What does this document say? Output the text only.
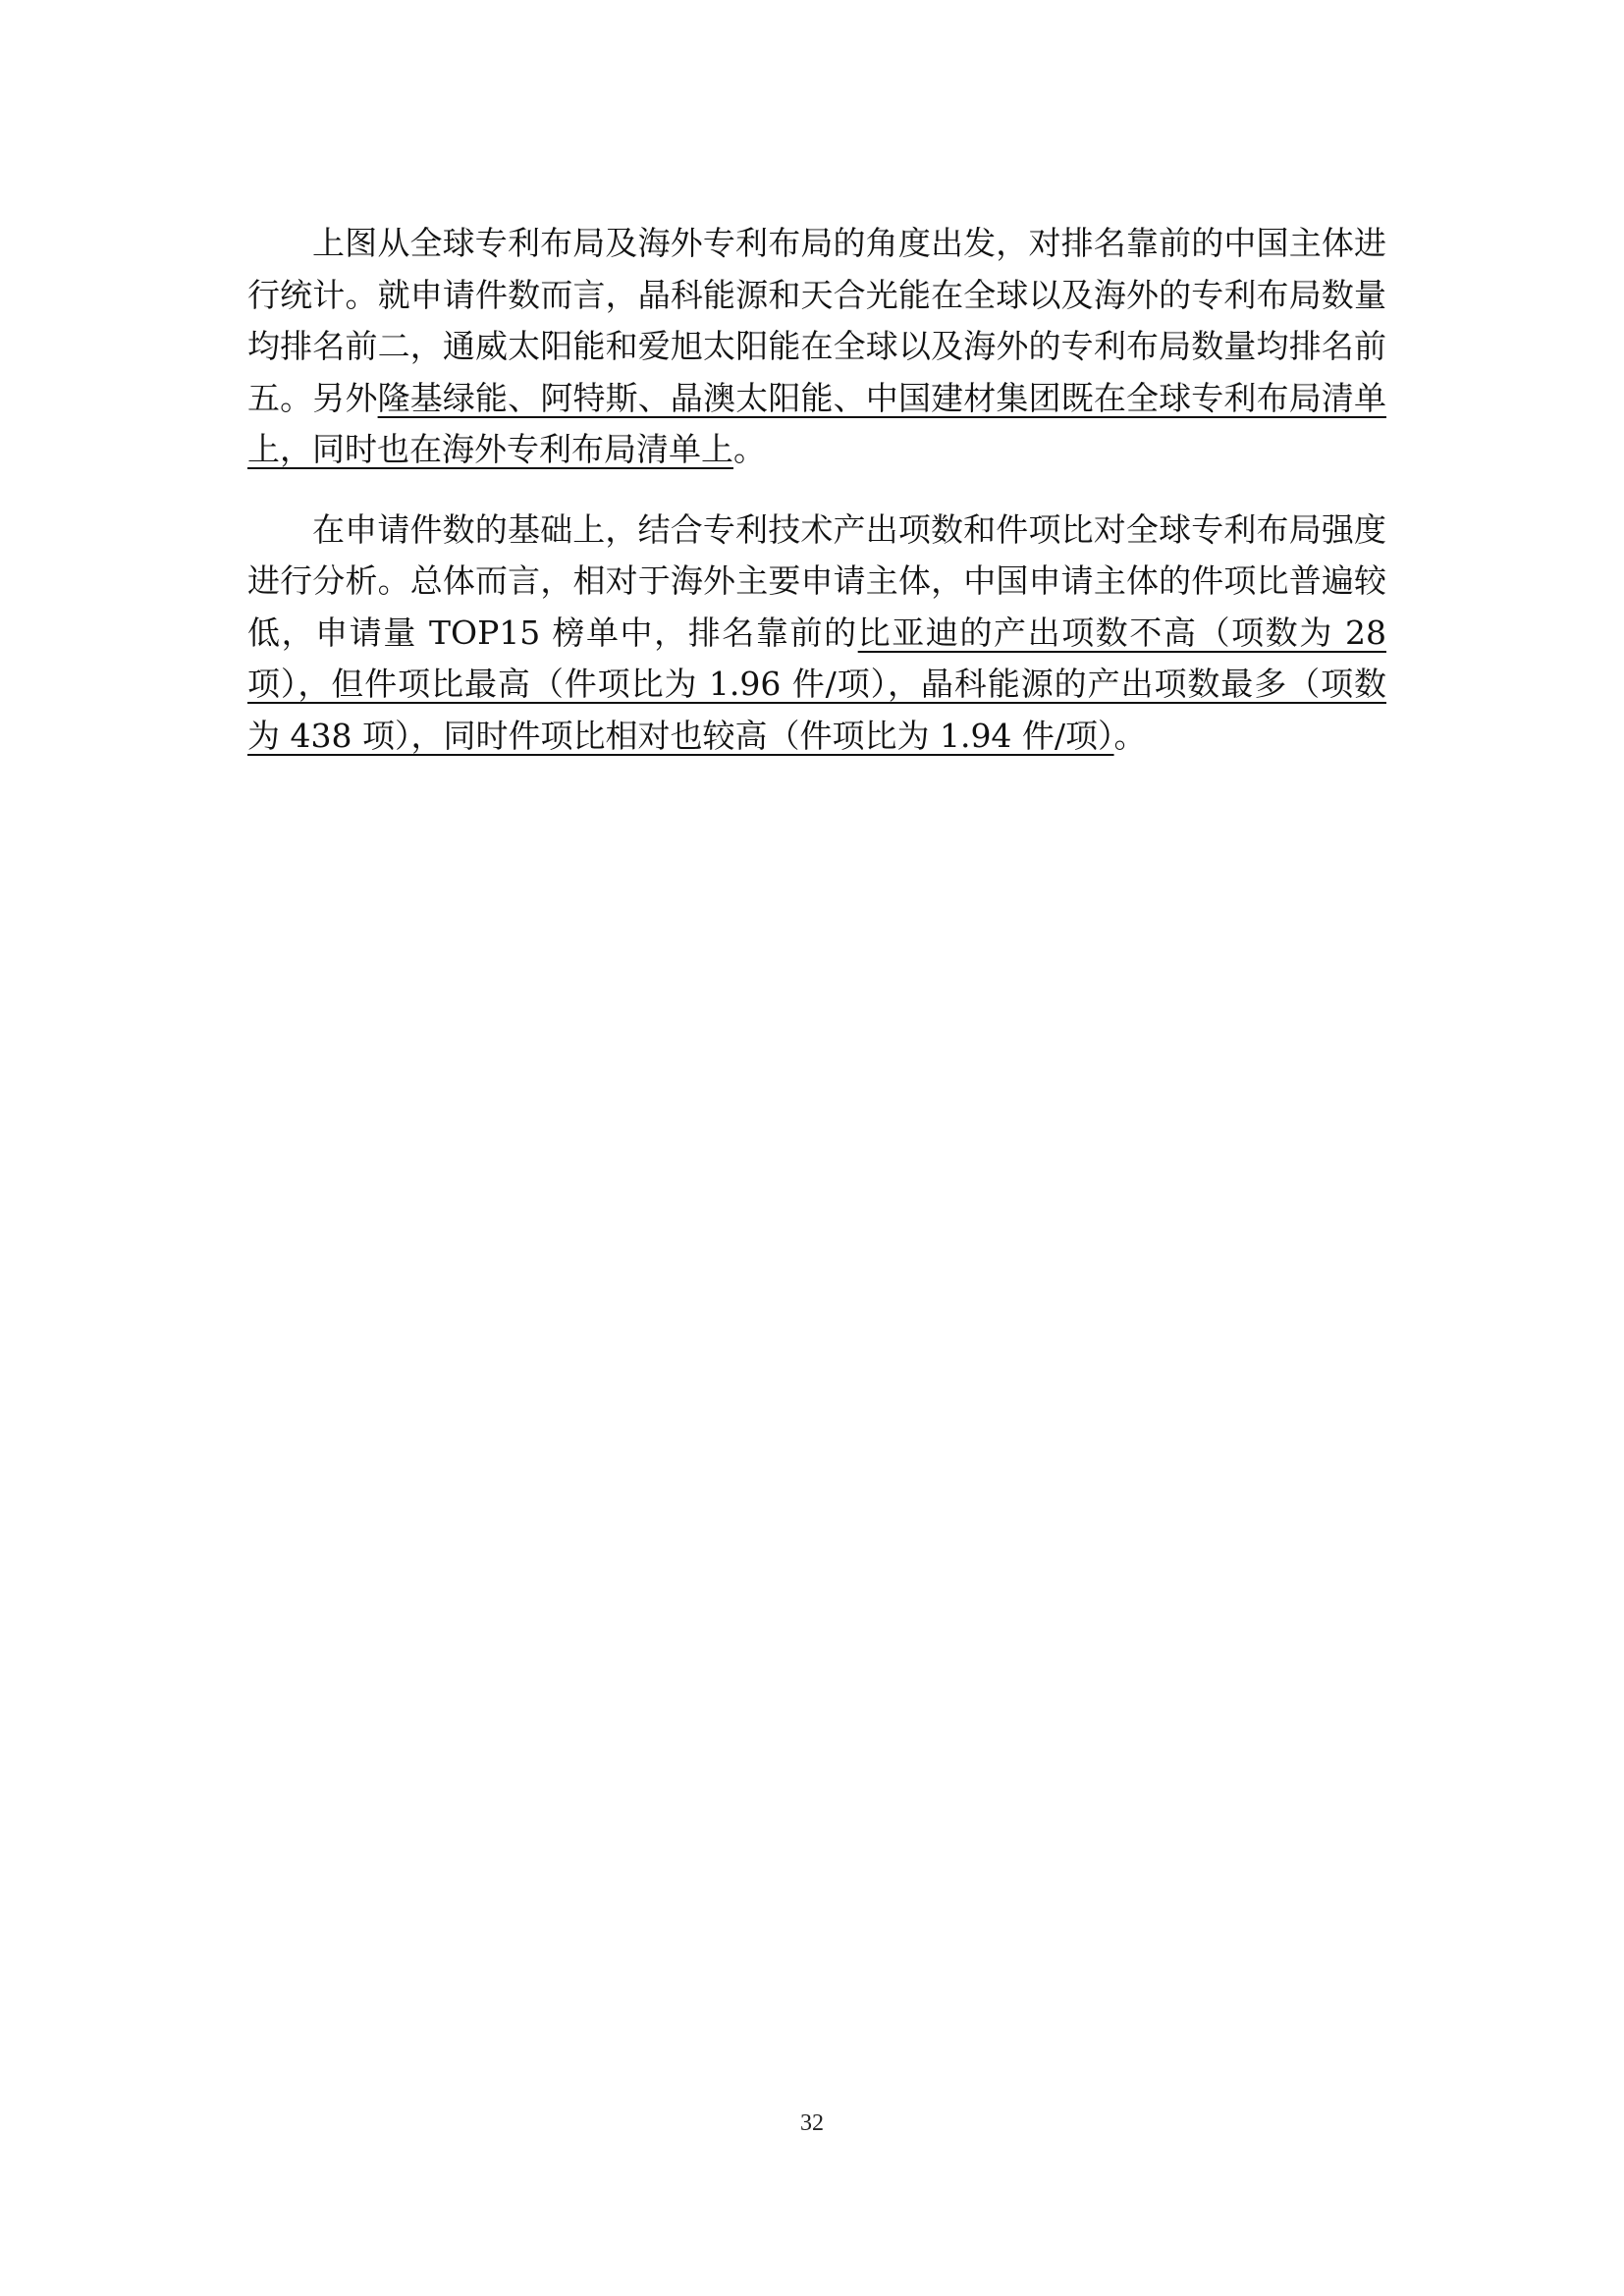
上图从全球专利布局及海外专利布局的角度出发，对排名靠前的中国主体进行统计。就申请件数而言，晶科能源和天合光能在全球以及海外的专利布局数量均排名前二，通威太阳能和爱旭太阳能在全球以及海外的专利布局数量均排名前五。另外隆基绿能、阿特斯、晶澳太阳能、中国建材集团既在全球专利布局清单上，同时也在海外专利布局清单上。

在申请件数的基础上，结合专利技术产出项数和件项比对全球专利布局强度进行分析。总体而言，相对于海外主要申请主体，中国申请主体的件项比普遍较低，申请量 TOP15 榜单中，排名靠前的比亚迪的产出项数不高（项数为 28 项），但件项比最高（件项比为 1.96 件/项），晶科能源的产出项数最多（项数为 438 项），同时件项比相对也较高（件项比为 1.94 件/项）。

32
